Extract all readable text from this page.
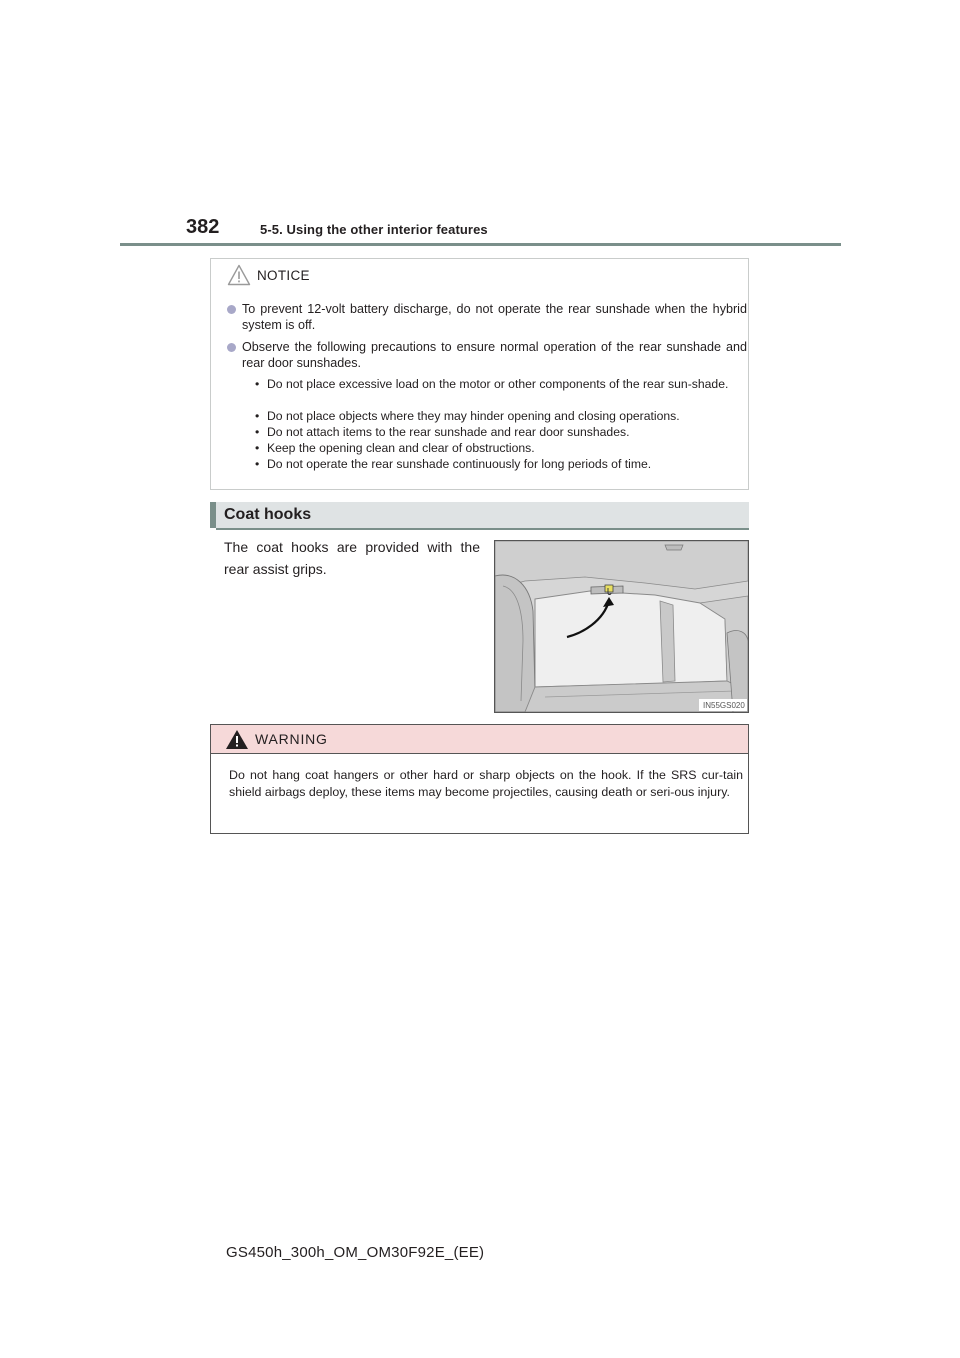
382	5-5. Using the other interior features
NOTICE
To prevent 12-volt battery discharge, do not operate the rear sunshade when the hybrid system is off.
Observe the following precautions to ensure normal operation of the rear sunshade and rear door sunshades.
• Do not place excessive load on the motor or other components of the rear sun-shade.
• Do not place objects where they may hinder opening and closing operations.
• Do not attach items to the rear sunshade and rear door sunshades.
• Keep the opening clean and clear of obstructions.
• Do not operate the rear sunshade continuously for long periods of time.
Coat hooks
The coat hooks are provided with the rear assist grips.
IN55GS020
WARNING
Do not hang coat hangers or other hard or sharp objects on the hook. If the SRS cur-tain shield airbags deploy, these items may become projectiles, causing death or seri-ous injury.
GS450h_300h_OM_OM30F92E_(EE)
